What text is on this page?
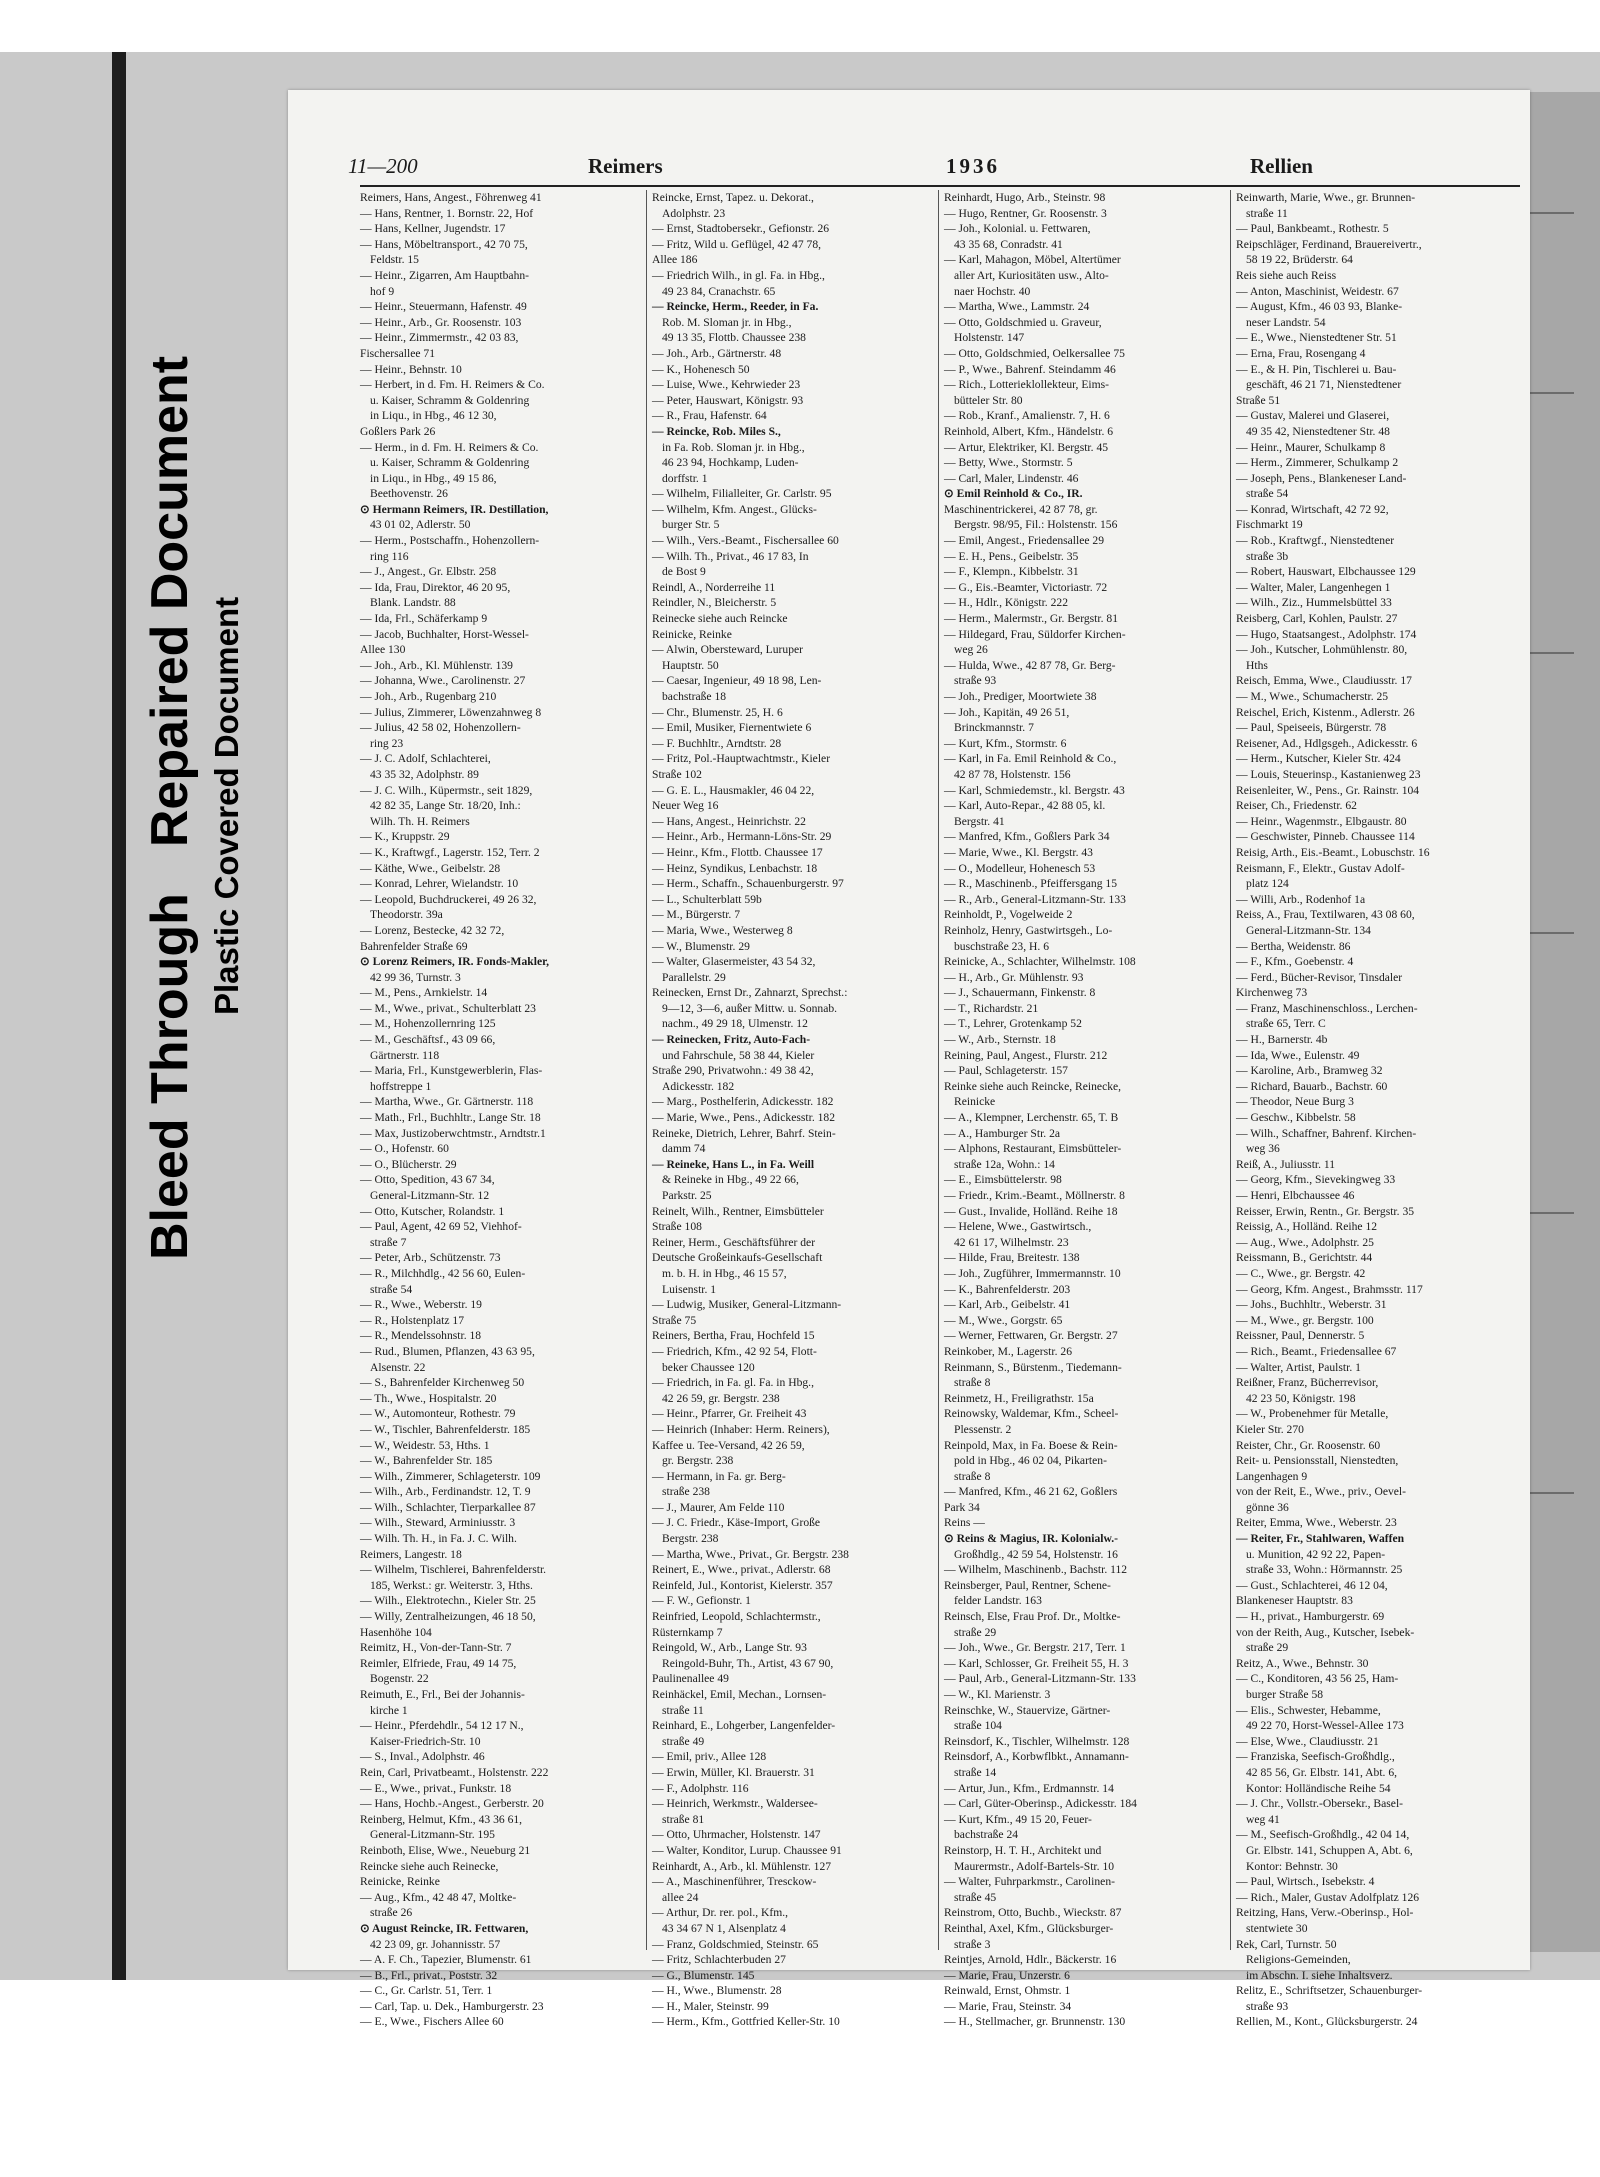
Bleed ThroughRepaired Document Plastic Covered Document
11—200	Reimers	1936	Rellien
Reimers, Hans, Angest., Föhrenweg 41
— Hans, Rentner, 1. Bornstr. 22, Hof
— Hans, Kellner, Jugendstr. 17
— Hans, Möbeltransport., 42 70 75,
Feldstr. 15
— Heinr., Zigarren, Am Hauptbahn-
hof 9
— Heinr., Steuermann, Hafenstr. 49
— Heinr., Arb., Gr. Roosenstr. 103
— Heinr., Zimmermstr., 42 03 83,
Fischersallee 71
— Heinr., Behnstr. 10
— Herbert, in d. Fm. H. Reimers & Co.
u. Kaiser, Schramm & Goldenring
in Liqu., in Hbg., 46 12 30,
Goßlers Park 26
— Herm., in d. Fm. H. Reimers & Co.
u. Kaiser, Schramm & Goldenring
in Liqu., in Hbg., 49 15 86,
Beethovenstr. 26
⊙ Hermann Reimers, IR. Destillation,
43 01 02, Adlerstr. 50
— Herm., Postschaffn., Hohenzollern-
ring 116
— J., Angest., Gr. Elbstr. 258
— Ida, Frau, Direktor, 46 20 95,
Blank. Landstr. 88
— Ida, Frl., Schäferkamp 9
— Jacob, Buchhalter, Horst-Wessel-
Allee 130
— Joh., Arb., Kl. Mühlenstr. 139
— Johanna, Wwe., Carolinenstr. 27
— Joh., Arb., Rugenbarg 210
— Julius, Zimmerer, Löwenzahnweg 8
— Julius, 42 58 02, Hohenzollern-
ring 23
— J. C. Adolf, Schlachterei,
43 35 32, Adolphstr. 89
— J. C. Wilh., Küpermstr., seit 1829,
42 82 35, Lange Str. 18/20, Inh.:
Wilh. Th. H. Reimers
— K., Kruppstr. 29
— K., Kraftwgf., Lagerstr. 152, Terr. 2
— Käthe, Wwe., Geibelstr. 28
— Konrad, Lehrer, Wielandstr. 10
— Leopold, Buchdruckerei, 49 26 32,
Theodorstr. 39a
— Lorenz, Bestecke, 42 32 72,
Bahrenfelder Straße 69
⊙ Lorenz Reimers, IR. Fonds-Makler,
42 99 36, Turnstr. 3
— M., Pens., Arnkielstr. 14
— M., Wwe., privat., Schulterblatt 23
— M., Hohenzollernring 125
— M., Geschäftsf., 43 09 66,
Gärtnerstr. 118
— Maria, Frl., Kunstgewerblerin, Flas-
hoffstreppe 1
— Martha, Wwe., Gr. Gärtnerstr. 118
— Math., Frl., Buchhltr., Lange Str. 18
— Max, Justizoberwchtmstr., Arndtstr.1
— O., Hofenstr. 60
— O., Blücherstr. 29
— Otto, Spedition, 43 67 34,
General-Litzmann-Str. 12
— Otto, Kutscher, Rolandstr. 1
— Paul, Agent, 42 69 52, Viehhof-
straße 7
— Peter, Arb., Schützenstr. 73
— R., Milchhdlg., 42 56 60, Eulen-
straße 54
— R., Wwe., Weberstr. 19
— R., Holstenplatz 17
— R., Mendelssohnstr. 18
— Rud., Blumen, Pflanzen, 43 63 95,
Alsenstr. 22
— S., Bahrenfelder Kirchenweg 50
— Th., Wwe., Hospitalstr. 20
— W., Automonteur, Rothestr. 79
— W., Tischler, Bahrenfelderstr. 185
— W., Weidestr. 53, Hths. 1
— W., Bahrenfelder Str. 185
— Wilh., Zimmerer, Schlageterstr. 109
— Wilh., Arb., Ferdinandstr. 12, T. 9
— Wilh., Schlachter, Tierparkallee 87
— Wilh., Steward, Arminiusstr. 3
— Wilh. Th. H., in Fa. J. C. Wilh.
Reimers, Langestr. 18
— Wilhelm, Tischlerei, Bahrenfelderstr.
185, Werkst.: gr. Weiterstr. 3, Hths.
— Wilh., Elektrotechn., Kieler Str. 25
— Willy, Zentralheizungen, 46 18 50,
Hasenhöhe 104
Reimitz, H., Von-der-Tann-Str. 7
Reimler, Elfriede, Frau, 49 14 75,
Bogenstr. 22
Reimuth, E., Frl., Bei der Johannis-
kirche 1
— Heinr., Pferdehdlr., 54 12 17 N.,
Kaiser-Friedrich-Str. 10
— S., Inval., Adolphstr. 46
Rein, Carl, Privatbeamt., Holstenstr. 222
— E., Wwe., privat., Funkstr. 18
— Hans, Hochb.-Angest., Gerberstr. 20
Reinberg, Helmut, Kfm., 43 36 61,
General-Litzmann-Str. 195
Reinboth, Elise, Wwe., Neueburg 21
Reincke siehe auch Reinecke,
Reinicke, Reinke
— Aug., Kfm., 42 48 47, Moltke-
straße 26
⊙ August Reincke, IR. Fettwaren,
42 23 09, gr. Johannisstr. 57
— A. F. Ch., Tapezier, Blumenstr. 61
— B., Frl., privat., Poststr. 32
— C., Gr. Carlstr. 51, Terr. 1
— Carl, Tap. u. Dek., Hamburgerstr. 23
— E., Wwe., Fischers Allee 60
Reincke, Ernst, Tapez. u. Dekorat.,
Adolphstr. 23
— Ernst, Stadtobersekr., Gefionstr. 26
— Fritz, Wild u. Geflügel, 42 47 78,
Allee 186
— Friedrich Wilh., in gl. Fa. in Hbg.,
49 23 84, Cranachstr. 65
— Reincke, Herm., Reeder, in Fa.
Rob. M. Sloman jr. in Hbg.,
49 13 35, Flottb. Chaussee 238
— Joh., Arb., Gärtnerstr. 48
— K., Hohenesch 50
— Luise, Wwe., Kehrwieder 23
— Peter, Hauswart, Königstr. 93
— R., Frau, Hafenstr. 64
— Reincke, Rob. Miles S.,
in Fa. Rob. Sloman jr. in Hbg.,
46 23 94, Hochkamp, Luden-
dorffstr. 1
— Wilhelm, Filialleiter, Gr. Carlstr. 95
— Wilhelm, Kfm. Angest., Glücks-
burger Str. 5
— Wilh., Vers.-Beamt., Fischersallee 60
— Wilh. Th., Privat., 46 17 83, In
de Bost 9
Reindl, A., Norderreihe 11
Reindler, N., Bleicherstr. 5
Reinecke siehe auch Reincke
Reinicke, Reinke
— Alwin, Obersteward, Luruper
Hauptstr. 50
— Caesar, Ingenieur, 49 18 98, Len-
bachstraße 18
— Chr., Blumenstr. 25, H. 6
— Emil, Musiker, Fiernentwiete 6
— F. Buchhltr., Arndtstr. 28
— Fritz, Pol.-Hauptwachtmstr., Kieler
Straße 102
— G. E. L., Hausmakler, 46 04 22,
Neuer Weg 16
— Hans, Angest., Heinrichstr. 22
— Heinr., Arb., Hermann-Löns-Str. 29
— Heinr., Kfm., Flottb. Chaussee 17
— Heinz, Syndikus, Lenbachstr. 18
— Herm., Schaffn., Schauenburgerstr. 97
— L., Schulterblatt 59b
— M., Bürgerstr. 7
— Maria, Wwe., Westerweg 8
— W., Blumenstr. 29
— Walter, Glasermeister, 43 54 32,
Parallelstr. 29
Reinecken, Ernst Dr., Zahnarzt, Sprechst.:
9—12, 3—6, außer Mittw. u. Sonnab.
nachm., 49 29 18, Ulmenstr. 12
— Reinecken, Fritz, Auto-Fach-
und Fahrschule, 58 38 44, Kieler
Straße 290, Privatwohn.: 49 38 42,
Adickesstr. 182
— Marg., Posthelferin, Adickesstr. 182
— Marie, Wwe., Pens., Adickesstr. 182
Reineke, Dietrich, Lehrer, Bahrf. Stein-
damm 74
— Reineke, Hans L., in Fa. Weill
& Reineke in Hbg., 49 22 66,
Parkstr. 25
Reinelt, Wilh., Rentner, Eimsbütteler
Straße 108
Reiner, Herm., Geschäftsführer der
Deutsche Großeinkaufs-Gesellschaft
m. b. H. in Hbg., 46 15 57,
Luisenstr. 1
— Ludwig, Musiker, General-Litzmann-
Straße 75
Reiners, Bertha, Frau, Hochfeld 15
— Friedrich, Kfm., 42 92 54, Flott-
beker Chaussee 120
— Friedrich, in Fa. gl. Fa. in Hbg.,
42 26 59, gr. Bergstr. 238
— Heinr., Pfarrer, Gr. Freiheit 43
— Heinrich (Inhaber: Herm. Reiners),
Kaffee u. Tee-Versand, 42 26 59,
gr. Bergstr. 238
— Hermann, in Fa. gr. Berg-
straße 238
— J., Maurer, Am Felde 110
— J. C. Friedr., Käse-Import, Große
Bergstr. 238
— Martha, Wwe., Privat., Gr. Bergstr. 238
Reinert, E., Wwe., privat., Adlerstr. 68
Reinfeld, Jul., Kontorist, Kielerstr. 357
— F. W., Gefionstr. 1
Reinfried, Leopold, Schlachtermstr.,
Rüsternkamp 7
Reingold, W., Arb., Lange Str. 93
Reingold-Buhr, Th., Artist, 43 67 90,
Paulinenallee 49
Reinhäckel, Emil, Mechan., Lornsen-
straße 11
Reinhard, E., Lohgerber, Langenfelder-
straße 49
— Emil, priv., Allee 128
— Erwin, Müller, Kl. Brauerstr. 31
— F., Adolphstr. 116
— Heinrich, Werkmstr., Waldersee-
straße 81
— Otto, Uhrmacher, Holstenstr. 147
— Walter, Konditor, Lurup. Chaussee 91
Reinhardt, A., Arb., kl. Mühlenstr. 127
— A., Maschinenführer, Tresckow-
allee 24
— Arthur, Dr. rer. pol., Kfm.,
43 34 67 N 1, Alsenplatz 4
— Franz, Goldschmied, Steinstr. 65
— Fritz, Schlachterbuden 27
— G., Blumenstr. 145
— H., Wwe., Blumenstr. 28
— H., Maler, Steinstr. 99
— Herm., Kfm., Gottfried Keller-Str. 10
Reinhardt, Hugo, Arb., Steinstr. 98
— Hugo, Rentner, Gr. Roosenstr. 3
— Joh., Kolonial. u. Fettwaren,
43 35 68, Conradstr. 41
— Karl, Mahagon, Möbel, Altertümer
aller Art, Kuriositäten usw., Alto-
naer Hochstr. 40
— Martha, Wwe., Lammstr. 24
— Otto, Goldschmied u. Graveur,
Holstenstr. 147
— Otto, Goldschmied, Oelkersallee 75
— P., Wwe., Bahrenf. Steindamm 46
— Rich., Lotterieklollekteur, Eims-
bütteler Str. 80
— Rob., Kranf., Amalienstr. 7, H. 6
Reinhold, Albert, Kfm., Händelstr. 6
— Artur, Elektriker, Kl. Bergstr. 45
— Betty, Wwe., Stormstr. 5
— Carl, Maler, Lindenstr. 46
⊙ Emil Reinhold & Co., IR.
Maschinentrickerei, 42 87 78, gr.
Bergstr. 98/95, Fil.: Holstenstr. 156
— Emil, Angest., Friedensallee 29
— E. H., Pens., Geibelstr. 35
— F., Klempn., Kibbelstr. 31
— G., Eis.-Beamter, Victoriastr. 72
— H., Hdlr., Königstr. 222
— Herm., Malermstr., Gr. Bergstr. 81
— Hildegard, Frau, Süldorfer Kirchen-
weg 26
— Hulda, Wwe., 42 87 78, Gr. Berg-
straße 93
— Joh., Prediger, Moortwiete 38
— Joh., Kapitän, 49 26 51,
Brinckmannstr. 7
— Kurt, Kfm., Stormstr. 6
— Karl, in Fa. Emil Reinhold & Co.,
42 87 78, Holstenstr. 156
— Karl, Schmiedemstr., kl. Bergstr. 43
— Karl, Auto-Repar., 42 88 05, kl.
Bergstr. 41
— Manfred, Kfm., Goßlers Park 34
— Marie, Wwe., Kl. Bergstr. 43
— O., Modelleur, Hohenesch 53
— R., Maschinenb., Pfeiffersgang 15
— R., Arb., General-Litzmann-Str. 133
Reinholdt, P., Vogelweide 2
Reinholz, Henry, Gastwirtsgeh., Lo-
buschstraße 23, H. 6
Reinicke, A., Schlachter, Wilhelmstr. 108
— H., Arb., Gr. Mühlenstr. 93
— J., Schauermann, Finkenstr. 8
— T., Richardstr. 21
— T., Lehrer, Grotenkamp 52
— W., Arb., Sternstr. 18
Reining, Paul, Angest., Flurstr. 212
— Paul, Schlageterstr. 157
Reinke siehe auch Reincke, Reinecke,
Reinicke
— A., Klempner, Lerchenstr. 65, T. B
— A., Hamburger Str. 2a
— Alphons, Restaurant, Eimsbütteler-
straße 12a, Wohn.: 14
— E., Eimsbüttelerstr. 98
— Friedr., Krim.-Beamt., Möllnerstr. 8
— Gust., Invalide, Holländ. Reihe 18
— Helene, Wwe., Gastwirtsch.,
42 61 17, Wilhelmstr. 23
— Hilde, Frau, Breitestr. 138
— Joh., Zugführer, Immermannstr. 10
— K., Bahrenfelderstr. 203
— Karl, Arb., Geibelstr. 41
— M., Wwe., Gorgstr. 65
— Werner, Fettwaren, Gr. Bergstr. 27
Reinkober, M., Lagerstr. 26
Reinmann, S., Bürstenm., Tiedemann-
straße 8
Reinmetz, H., Freiligrathstr. 15a
Reinowsky, Waldemar, Kfm., Scheel-
Plessenstr. 2
Reinpold, Max, in Fa. Boese & Rein-
pold in Hbg., 46 02 04, Pikarten-
straße 8
— Manfred, Kfm., 46 21 62, Goßlers
Park 34
Reins —
⊙ Reins & Magius, IR. Kolonialw.-
Großhdlg., 42 59 54, Holstenstr. 16
— Wilhelm, Maschinenb., Bachstr. 112
Reinsberger, Paul, Rentner, Schene-
felder Landstr. 163
Reinsch, Else, Frau Prof. Dr., Moltke-
straße 29
— Joh., Wwe., Gr. Bergstr. 217, Terr. 1
— Karl, Schlosser, Gr. Freiheit 55, H. 3
— Paul, Arb., General-Litzmann-Str. 133
— W., Kl. Marienstr. 3
Reinschke, W., Stauervize, Gärtner-
straße 104
Reinsdorf, K., Tischler, Wilhelmstr. 128
Reinsdorf, A., Korbwflbkt., Annamann-
straße 14
— Artur, Jun., Kfm., Erdmannstr. 14
— Carl, Güter-Oberinsp., Adickesstr. 184
— Kurt, Kfm., 49 15 20, Feuer-
bachstraße 24
Reinstorp, H. T. H., Architekt und
Maurermstr., Adolf-Bartels-Str. 10
— Walter, Fuhrparkmstr., Carolinen-
straße 45
Reinstrom, Otto, Buchb., Wieckstr. 87
Reinthal, Axel, Kfm., Glücksburger-
straße 3
Reintjes, Arnold, Hdlr., Bäckerstr. 16
— Marie, Frau, Unzerstr. 6
Reinwald, Ernst, Ohmstr. 1
— Marie, Frau, Steinstr. 34
— H., Stellmacher, gr. Brunnenstr. 130
Reinwarth, Marie, Wwe., gr. Brunnen-
straße 11
— Paul, Bankbeamt., Rothestr. 5
Reipschläger, Ferdinand, Brauereivertr.,
58 19 22, Brüderstr. 64
Reis siehe auch Reiss
— Anton, Maschinist, Weidestr. 67
— August, Kfm., 46 03 93, Blanke-
neser Landstr. 54
— E., Wwe., Nienstedtener Str. 51
— Erna, Frau, Rosengang 4
— E., & H. Pin, Tischlerei u. Bau-
geschäft, 46 21 71, Nienstedtener
Straße 51
— Gustav, Malerei und Glaserei,
49 35 42, Nienstedtener Str. 48
— Heinr., Maurer, Schulkamp 8
— Herm., Zimmerer, Schulkamp 2
— Joseph, Pens., Blankeneser Land-
straße 54
— Konrad, Wirtschaft, 42 72 92,
Fischmarkt 19
— Rob., Kraftwgf., Nienstedtener
straße 3b
— Robert, Hauswart, Elbchaussee 129
— Walter, Maler, Langenhegen 1
— Wilh., Ziz., Hummelsbüttel 33
Reisberg, Carl, Kohlen, Paulstr. 27
— Hugo, Staatsangest., Adolphstr. 174
— Joh., Kutscher, Lohmühlenstr. 80,
Hths
Reisch, Emma, Wwe., Claudiusstr. 17
— M., Wwe., Schumacherstr. 25
Reischel, Erich, Kistenm., Adlerstr. 26
— Paul, Speiseeis, Bürgerstr. 78
Reisener, Ad., Hdlgsgeh., Adickesstr. 6
— Herm., Kutscher, Kieler Str. 424
— Louis, Steuerinsp., Kastanienweg 23
Reisenleiter, W., Pens., Gr. Rainstr. 104
Reiser, Ch., Friedenstr. 62
— Heinr., Wagenmstr., Elbgaustr. 80
— Geschwister, Pinneb. Chaussee 114
Reisig, Arth., Eis.-Beamt., Lobuschstr. 16
Reismann, F., Elektr., Gustav Adolf-
platz 124
— Willi, Arb., Rodenhof 1a
Reiss, A., Frau, Textilwaren, 43 08 60,
General-Litzmann-Str. 134
— Bertha, Weidenstr. 86
— F., Kfm., Goebenstr. 4
— Ferd., Bücher-Revisor, Tinsdaler
Kirchenweg 73
— Franz, Maschinenschloss., Lerchen-
straße 65, Terr. C
— H., Barnerstr. 4b
— Ida, Wwe., Eulenstr. 49
— Karoline, Arb., Bramweg 32
— Richard, Bauarb., Bachstr. 60
— Theodor, Neue Burg 3
— Geschw., Kibbelstr. 58
— Wilh., Schaffner, Bahrenf. Kirchen-
weg 36
Reiß, A., Juliusstr. 11
— Georg, Kfm., Sievekingweg 33
— Henri, Elbchaussee 46
Reisser, Erwin, Rentn., Gr. Bergstr. 35
Reissig, A., Holländ. Reihe 12
— Aug., Wwe., Adolphstr. 25
Reissmann, B., Gerichtstr. 44
— C., Wwe., gr. Bergstr. 42
— Georg, Kfm. Angest., Brahmsstr. 117
— Johs., Buchhltr., Weberstr. 31
— M., Wwe., gr. Bergstr. 100
Reissner, Paul, Dennerstr. 5
— Rich., Beamt., Friedensallee 67
— Walter, Artist, Paulstr. 1
Reißner, Franz, Bücherrevisor,
42 23 50, Königstr. 198
— W., Probenehmer für Metalle,
Kieler Str. 270
Reister, Chr., Gr. Roosenstr. 60
Reit- u. Pensionsstall, Nienstedten,
Langenhagen 9
von der Reit, E., Wwe., priv., Oevel-
gönne 36
Reiter, Emma, Wwe., Weberstr. 23
— Reiter, Fr., Stahlwaren, Waffen
u. Munition, 42 92 22, Papen-
straße 33, Wohn.: Hörmannstr. 25
— Gust., Schlachterei, 46 12 04,
Blankeneser Hauptstr. 83
— H., privat., Hamburgerstr. 69
von der Reith, Aug., Kutscher, Isebek-
straße 29
Reitz, A., Wwe., Behnstr. 30
— C., Konditoren, 43 56 25, Ham-
burger Straße 58
— Elis., Schwester, Hebamme,
49 22 70, Horst-Wessel-Allee 173
— Else, Wwe., Claudiusstr. 21
— Franziska, Seefisch-Großhdlg.,
42 85 56, Gr. Elbstr. 141, Abt. 6,
Kontor: Holländische Reihe 54
— J. Chr., Vollstr.-Obersekr., Basel-
weg 41
— M., Seefisch-Großhdlg., 42 04 14,
Gr. Elbstr. 141, Schuppen A, Abt. 6,
Kontor: Behnstr. 30
— Paul, Wirtsch., Isebekstr. 4
— Rich., Maler, Gustav Adolfplatz 126
Reitzing, Hans, Verw.-Oberinsp., Hol-
stentwiete 30
Rek, Carl, Turnstr. 50
Religions-Gemeinden,
im Abschn. I. siehe Inhaltsverz.
Relitz, E., Schriftsetzer, Schauenburger-
straße 93
Rellien, M., Kont., Glücksburgerstr. 24
